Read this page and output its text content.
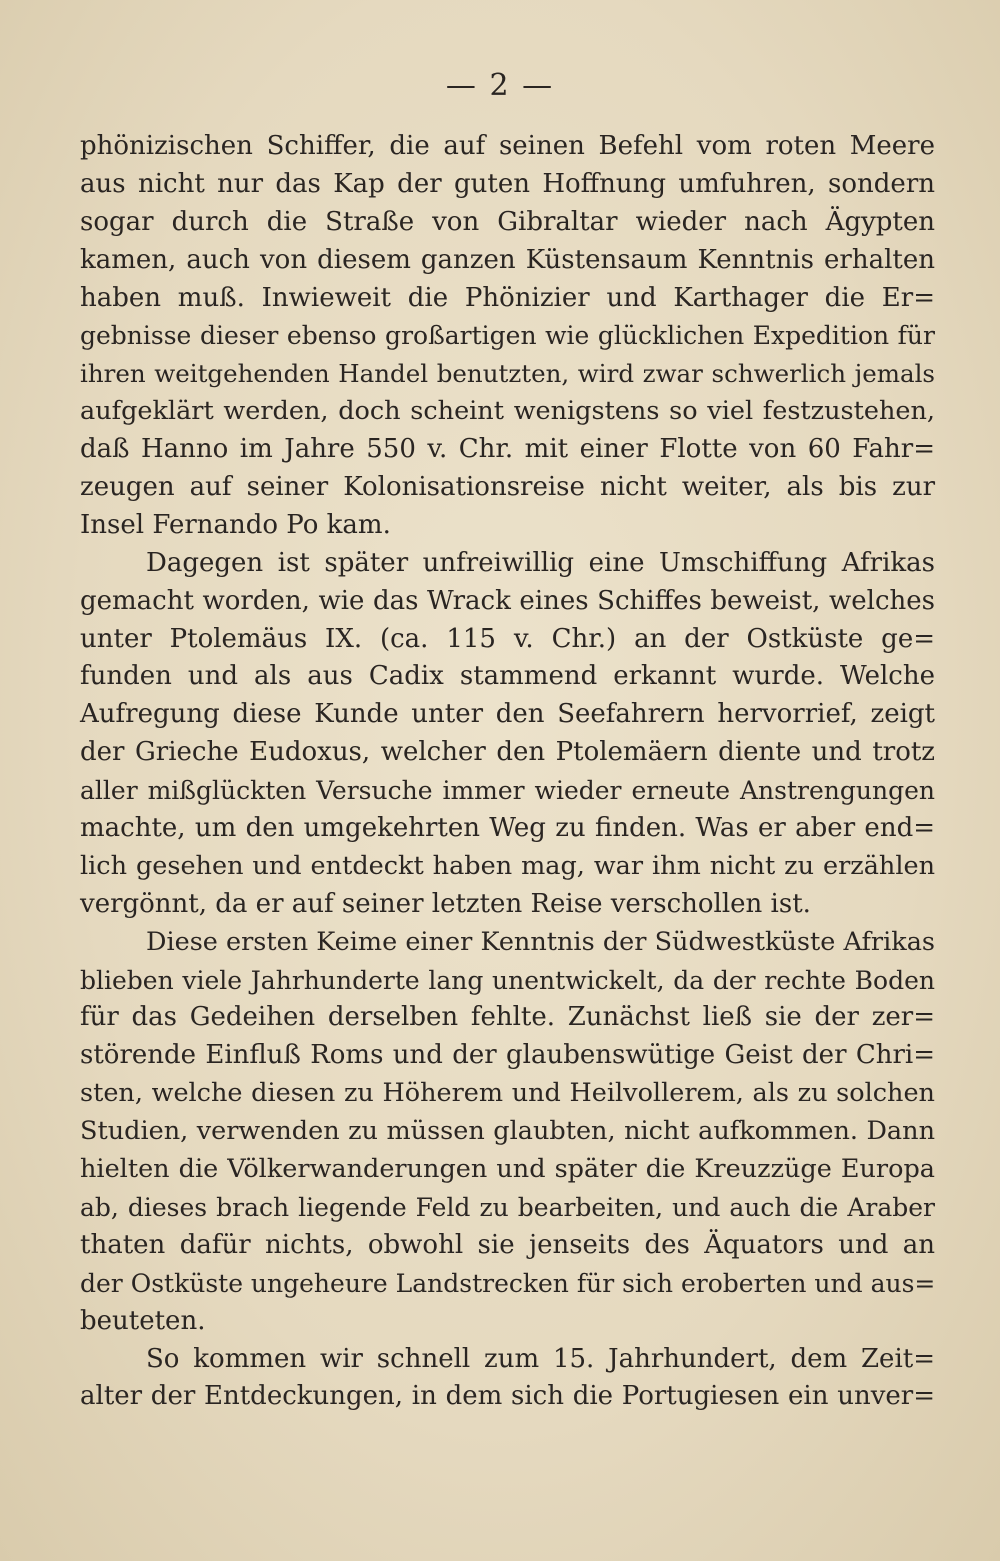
— 2 —
phönizischen Schiffer, die auf seinen Befehl vom roten Meere
aus nicht nur das Kap der guten Hoffnung umfuhren, sondern
sogar durch die Straße von Gibraltar wieder nach Ägypten
kamen, auch von diesem ganzen Küstensaum Kenntnis erhalten
haben muß. Inwieweit die Phönizier und Karthager die Er=
gebnisse dieser ebenso großartigen wie glücklichen Expedition für
ihren weitgehenden Handel benutzten, wird zwar schwerlich jemals
aufgeklärt werden, doch scheint wenigstens so viel festzustehen,
daß Hanno im Jahre 550 v. Chr. mit einer Flotte von 60 Fahr=
zeugen auf seiner Kolonisationsreise nicht weiter, als bis zur
Insel Fernando Po kam.
Dagegen ist später unfreiwillig eine Umschiffung Afrikas
gemacht worden, wie das Wrack eines Schiffes beweist, welches
unter Ptolemäus IX. (ca. 115 v. Chr.) an der Ostküste ge=
funden und als aus Cadix stammend erkannt wurde. Welche
Aufregung diese Kunde unter den Seefahrern hervorrief, zeigt
der Grieche Eudoxus, welcher den Ptolemäern diente und trotz
aller mißglückten Versuche immer wieder erneute Anstrengungen
machte, um den umgekehrten Weg zu finden. Was er aber end=
lich gesehen und entdeckt haben mag, war ihm nicht zu erzählen
vergönnt, da er auf seiner letzten Reise verschollen ist.
Diese ersten Keime einer Kenntnis der Südwestküste Afrikas
blieben viele Jahrhunderte lang unentwickelt, da der rechte Boden
für das Gedeihen derselben fehlte. Zunächst ließ sie der zer=
störende Einfluß Roms und der glaubenswütige Geist der Chri=
sten, welche diesen zu Höherem und Heilvollerem, als zu solchen
Studien, verwenden zu müssen glaubten, nicht aufkommen. Dann
hielten die Völkerwanderungen und später die Kreuzzüge Europa
ab, dieses brach liegende Feld zu bearbeiten, und auch die Araber
thaten dafür nichts, obwohl sie jenseits des Äquators und an
der Ostküste ungeheure Landstrecken für sich eroberten und aus=
beuteten.
So kommen wir schnell zum 15. Jahrhundert, dem Zeit=
alter der Entdeckungen, in dem sich die Portugiesen ein unver=
